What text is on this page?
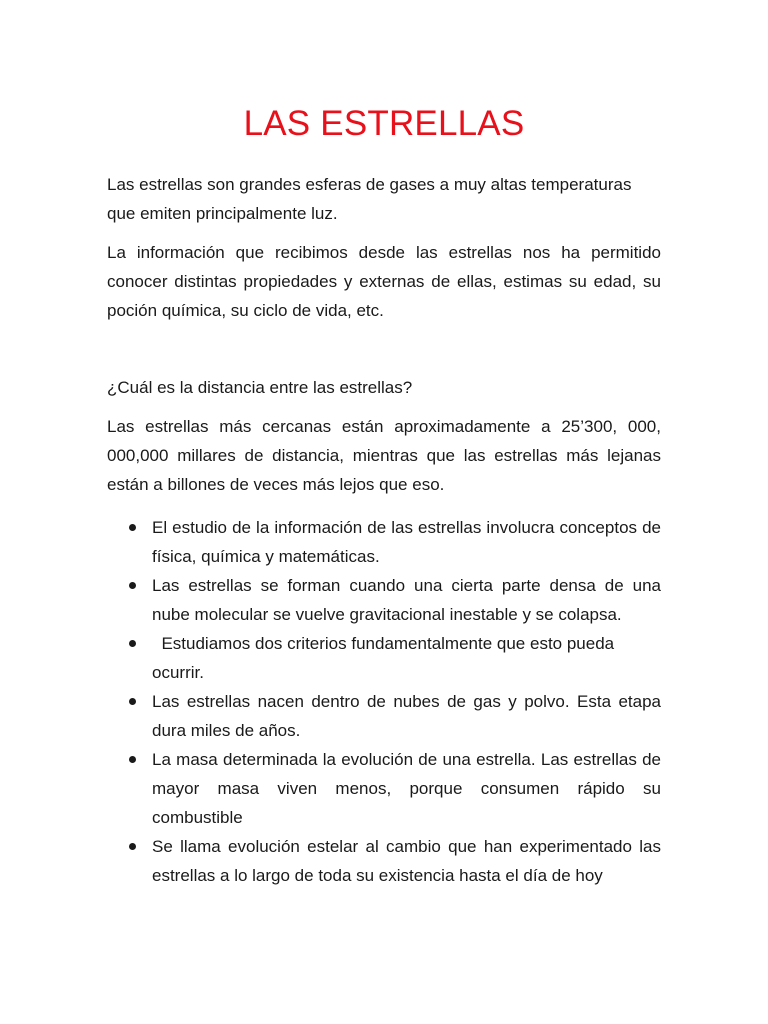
LAS ESTRELLAS

Las estrellas son grandes esferas de gases a muy altas temperaturas que emiten principalmente luz.

La información que recibimos desde las estrellas nos ha permitido conocer distintas propiedades y externas de ellas, estimas su edad, su poción química, su ciclo de vida, etc.

¿Cuál es la distancia entre las estrellas?

Las estrellas más cercanas están aproximadamente a 25’300, 000, 000,000 millares de distancia, mientras que las estrellas más lejanas están a billones de veces más lejos que eso.

El estudio de la información de las estrellas involucra conceptos de física, química y matemáticas.
Las estrellas se forman cuando una cierta parte densa de una nube molecular se vuelve gravitacional inestable y se colapsa.
Estudiamos dos criterios fundamentalmente que esto pueda ocurrir.
Las estrellas nacen dentro de nubes de gas y polvo. Esta etapa dura miles de años.
La masa determinada la evolución de una estrella. Las estrellas de mayor masa viven menos, porque consumen rápido su combustible
Se llama evolución estelar al cambio que han experimentado las estrellas a lo largo de toda su existencia hasta el día de hoy
